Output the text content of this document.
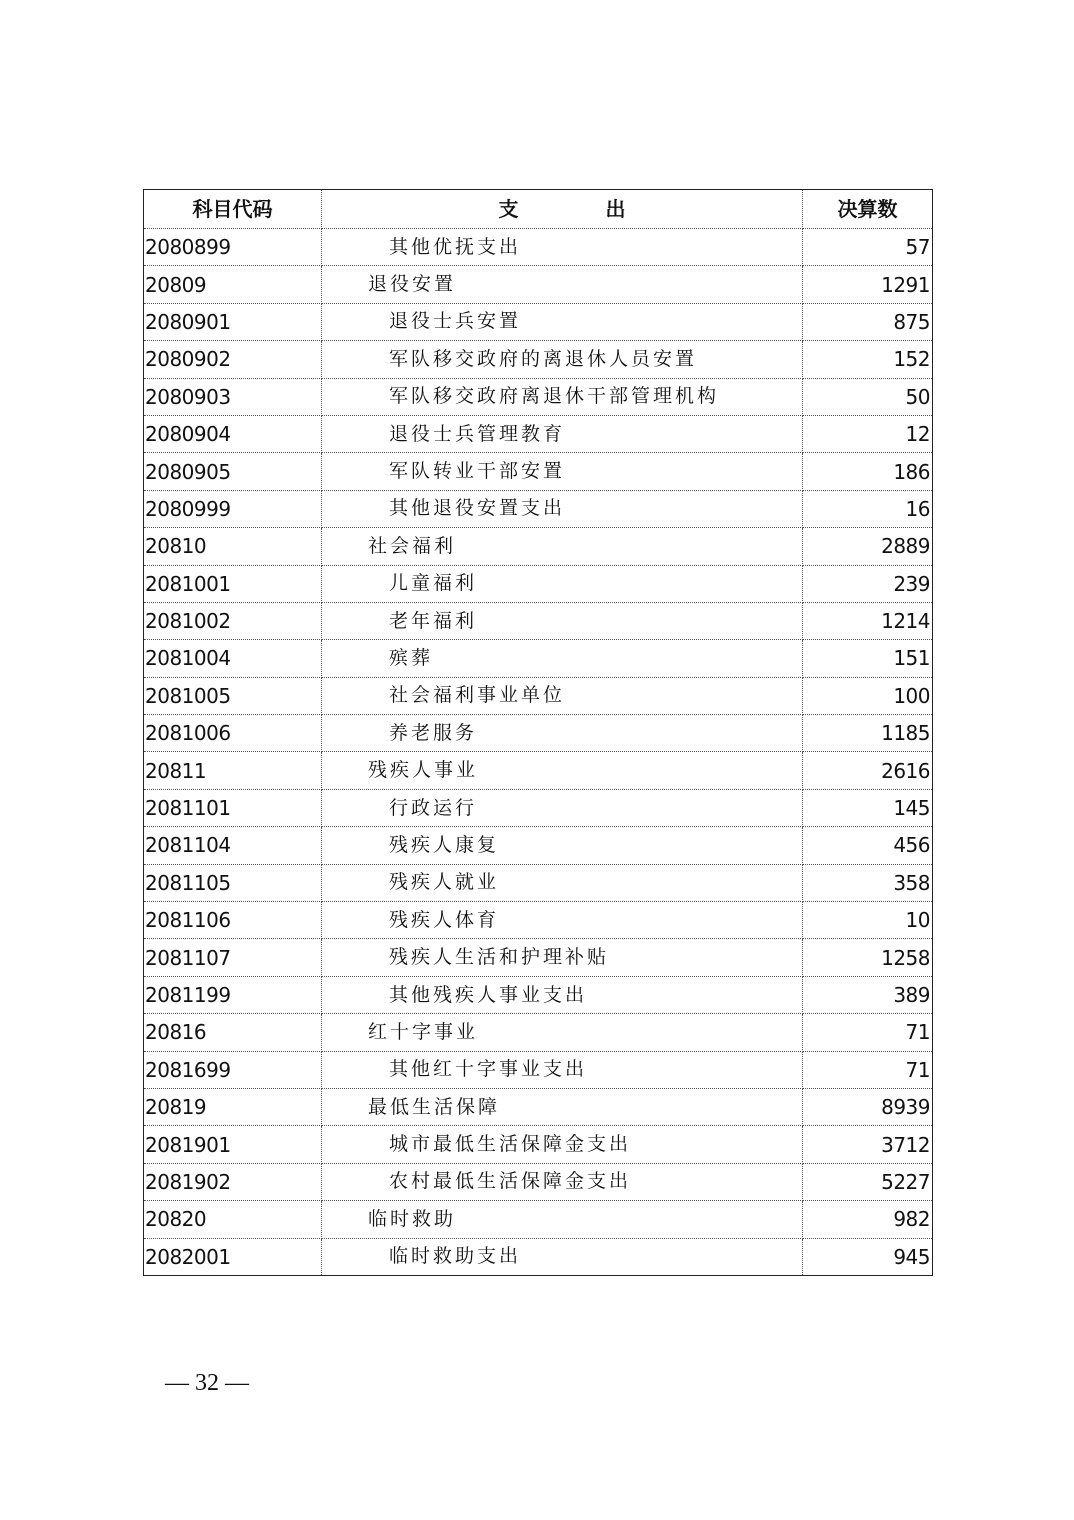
科目代码	支 出	决算数
2080899	其他优抚支出	57
20809	退役安置	1291
2080901	退役士兵安置	875
2080902	军队移交政府的离退休人员安置	152
2080903	军队移交政府离退休干部管理机构	50
2080904	退役士兵管理教育	12
2080905	军队转业干部安置	186
2080999	其他退役安置支出	16
20810	社会福利	2889
2081001	儿童福利	239
2081002	老年福利	1214
2081004	殡葬	151
2081005	社会福利事业单位	100
2081006	养老服务	1185
20811	残疾人事业	2616
2081101	行政运行	145
2081104	残疾人康复	456
2081105	残疾人就业	358
2081106	残疾人体育	10
2081107	残疾人生活和护理补贴	1258
2081199	其他残疾人事业支出	389
20816	红十字事业	71
2081699	其他红十字事业支出	71
20819	最低生活保障	8939
2081901	城市最低生活保障金支出	3712
2081902	农村最低生活保障金支出	5227
20820	临时救助	982
2082001	临时救助支出	945
— 32 —
